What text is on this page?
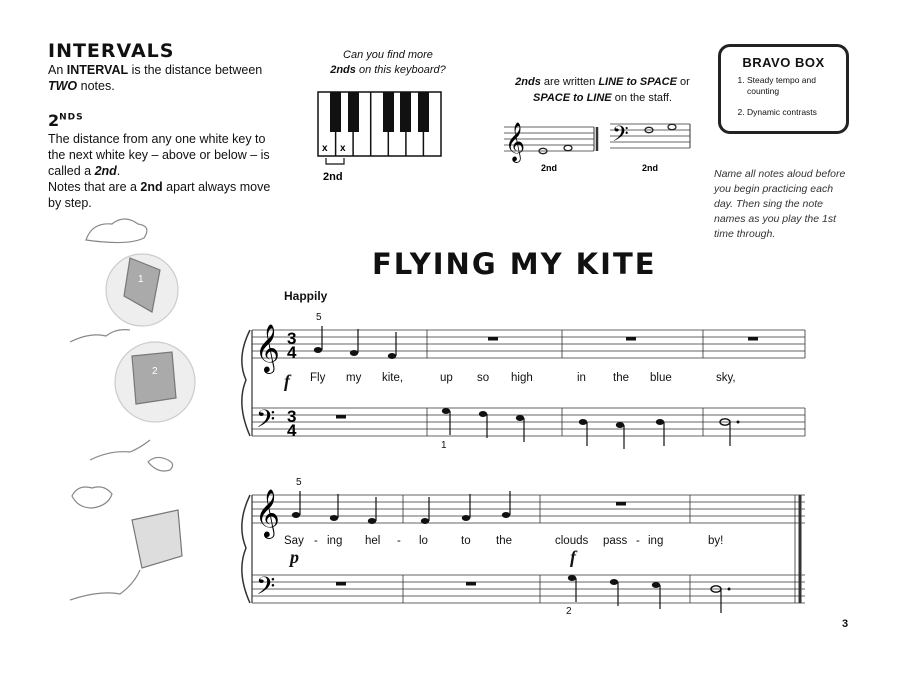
INTERVALS
An INTERVAL is the distance between TWO notes.
$2^{NDS}$
The distance from any one white key to the next white key – above or below – is called a 2nd.
Notes that are a 2nd apart always move by step.
Can you find more
2nds on this keyboard?
2nds are written LINE to SPACE or
SPACE to LINE on the staff.
BRAVO BOX
1. Steady tempo and counting
2. Dynamic contrasts
Name all notes aloud before you begin practicing each day. Then sing the note names as you play the 1st time through.
FLYING MY KITE
Happily
3
x x
2nd
𝄞	𝄢
2nd	2nd
1
2 𝄞
𝄢
3
4
3
4
𝄞
𝄢
5
1
f
5
2
p	f
Fly my kite,	up so high	in the blue	sky,
Say - ing hel - lo	to the	clouds pass - ing	by!
